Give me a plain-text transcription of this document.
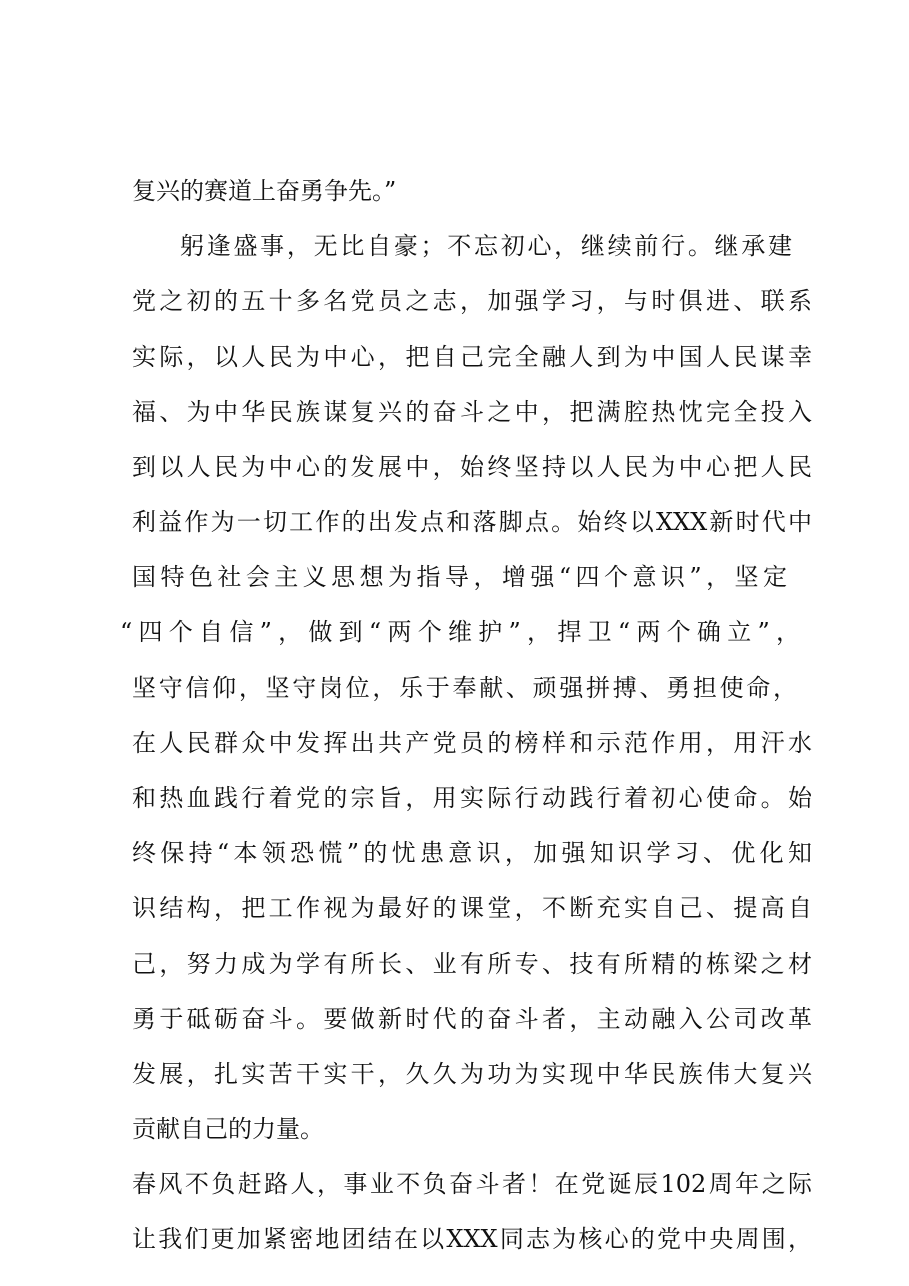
复兴的赛道上奋勇争先。”
躬逢盛事，无比自豪；不忘初心，继续前行。继承建
党之初的五十多名党员之志，加强学习，与时俱进、联系
实际，以人民为中心，把自己完全融人到为中国人民谋幸
福、为中华民族谋复兴的奋斗之中，把满腔热忱完全投入
到以人民为中心的发展中，始终坚持以人民为中心把人民
利益作为一切工作的出发点和落脚点。始终以XXX新时代中
国特色社会主义思想为指导，增强“四个意识”，坚定
“四个自信”，做到“两个维护”，捍卫“两个确立”，
坚守信仰，坚守岗位，乐于奉献、顽强拼搏、勇担使命，
在人民群众中发挥出共产党员的榜样和示范作用，用汗水
和热血践行着党的宗旨，用实际行动践行着初心使命。始
终保持“本领恐慌”的忧患意识，加强知识学习、优化知
识结构，把工作视为最好的课堂，不断充实自己、提高自
己，努力成为学有所长、业有所专、技有所精的栋梁之材
勇于砥砺奋斗。要做新时代的奋斗者，主动融入公司改革
发展，扎实苦干实干，久久为功为实现中华民族伟大复兴
贡献自己的力量。
春风不负赶路人，事业不负奋斗者！在党诞辰102周年之际
让我们更加紧密地团结在以XXX同志为核心的党中央周围，
